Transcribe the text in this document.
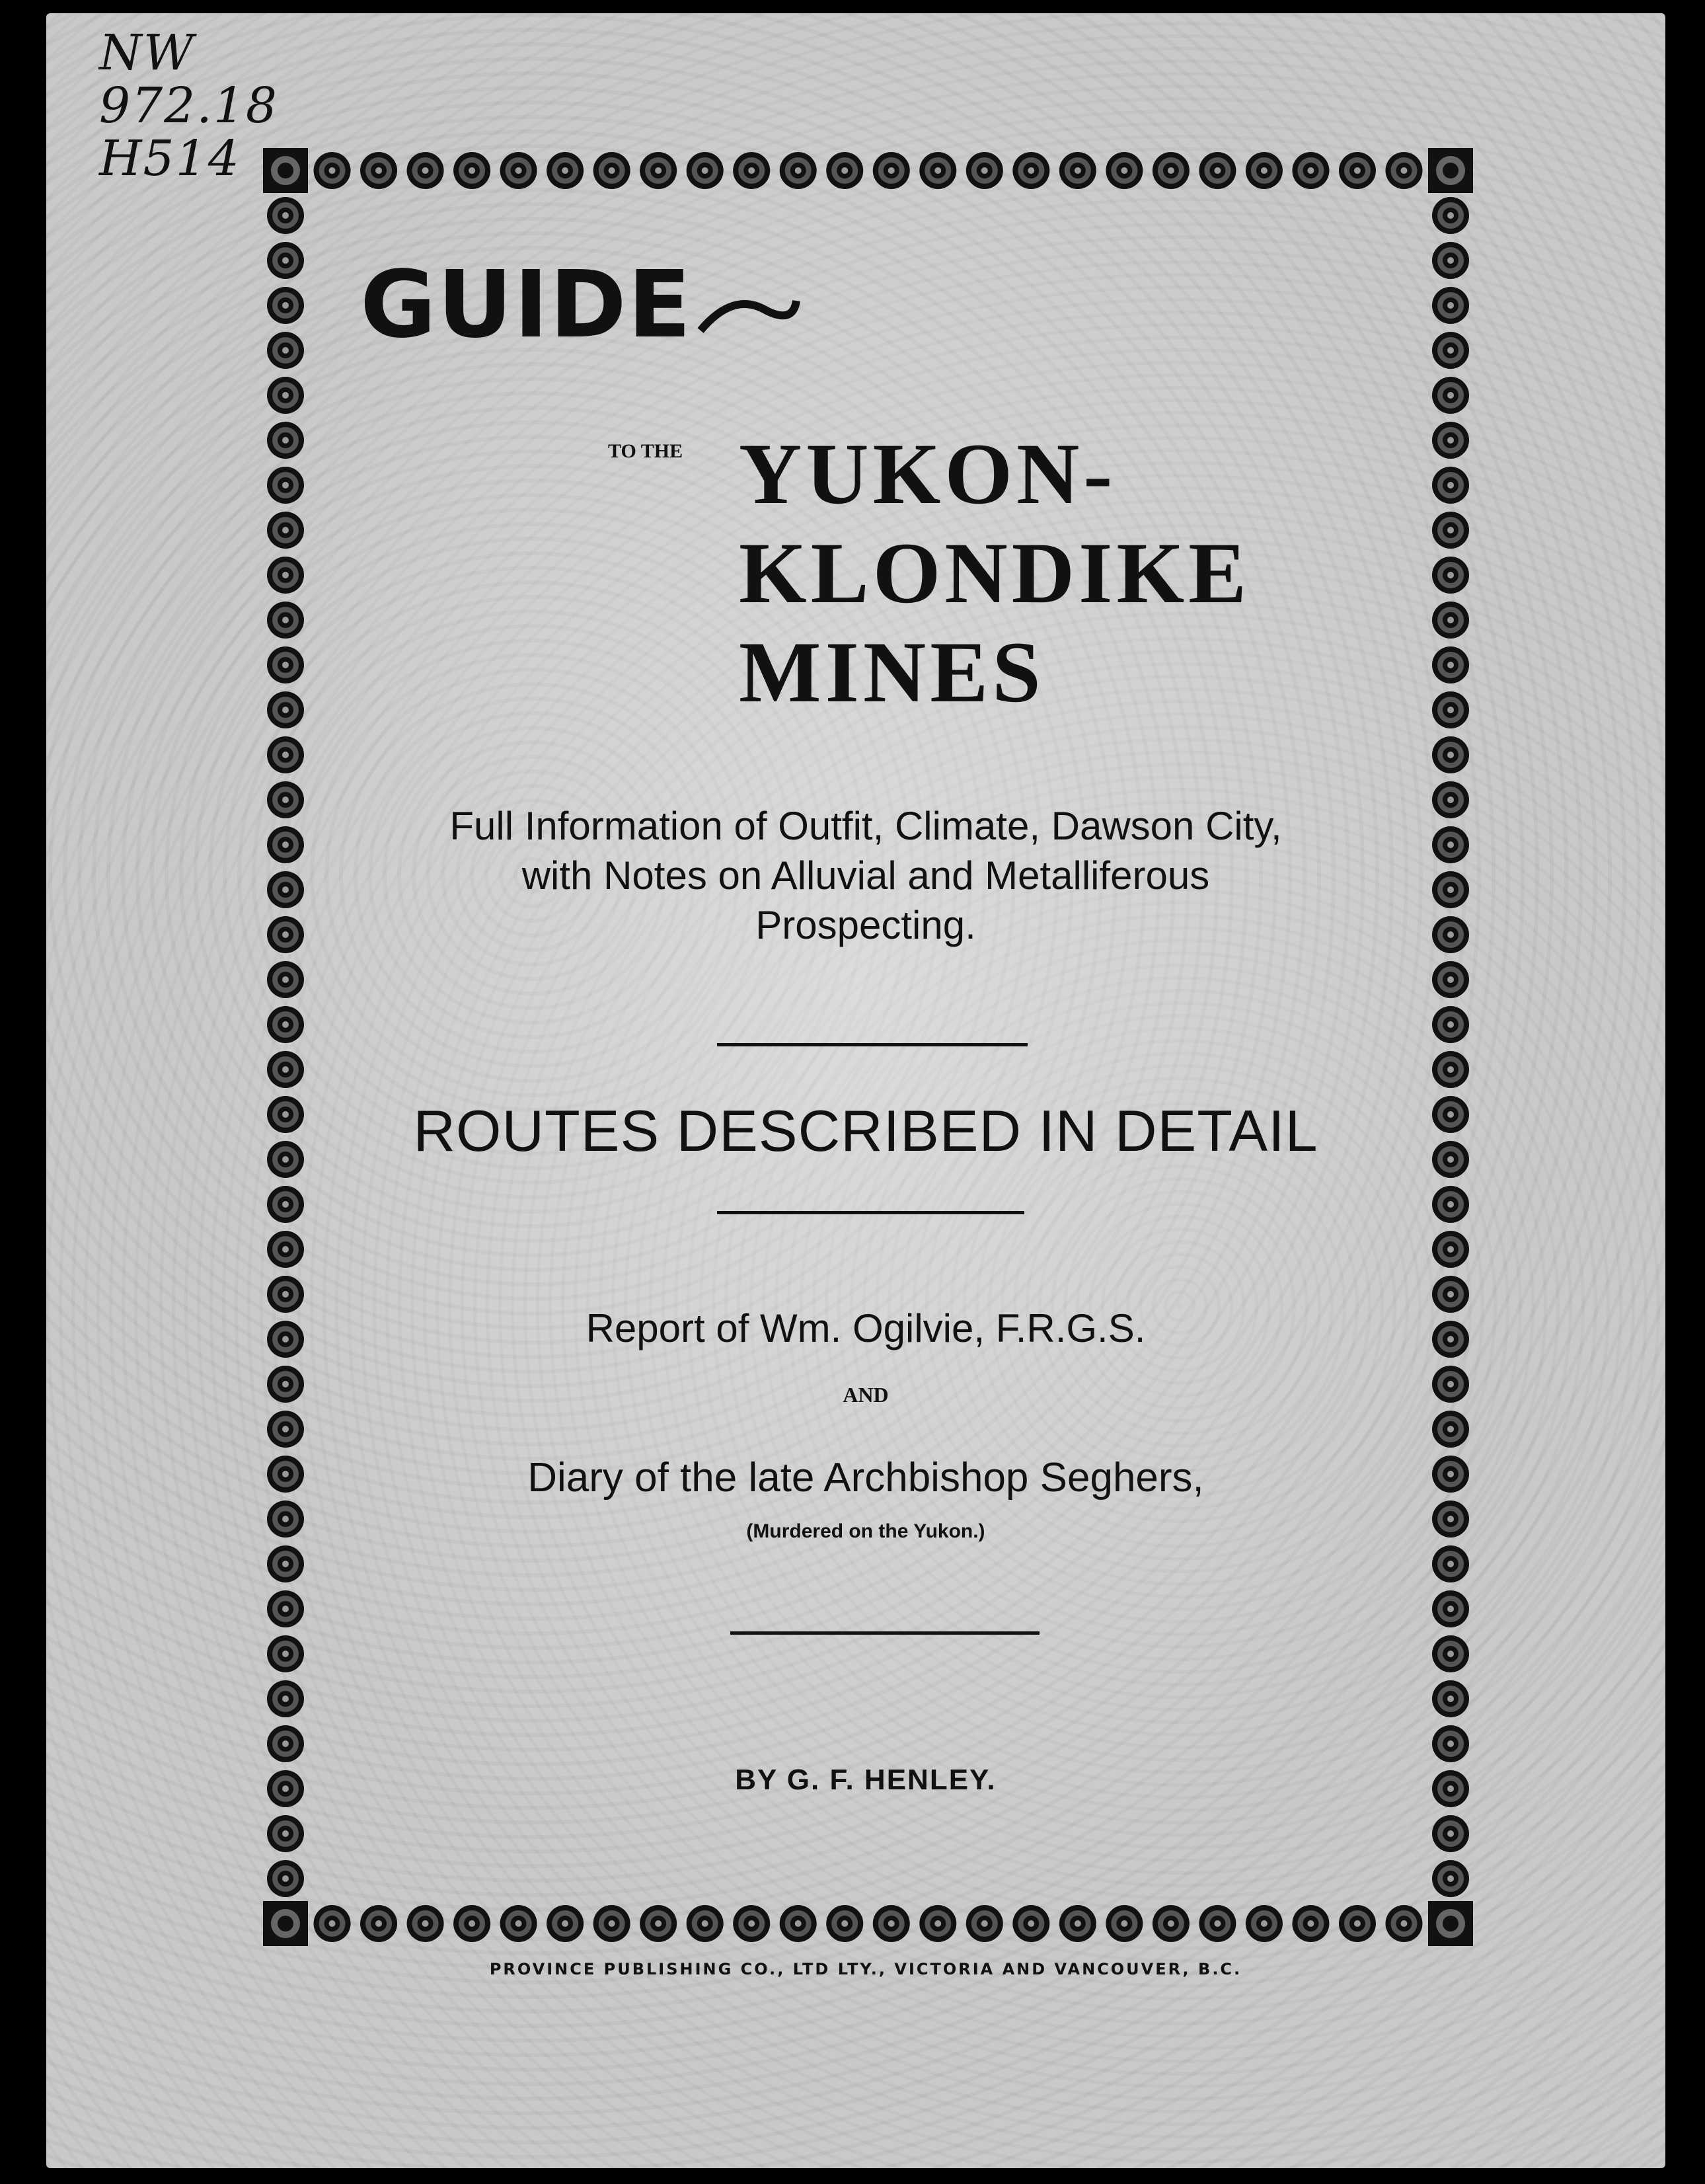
NW
972.18
H514
GUIDE
TO THE YUKON-
KLONDIKE
MINES
Full Information of Outfit, Climate, Dawson City,
with Notes on Alluvial and Metalliferous
Prospecting.
ROUTES DESCRIBED IN DETAIL
Report of Wm. Ogilvie, F.R.G.S.
AND
Diary of the late Archbishop Seghers,
(Murdered on the Yukon.)
BY G. F. HENLEY.
PROVINCE PUBLISHING CO., LTD LTY., VICTORIA AND VANCOUVER, B.C.
